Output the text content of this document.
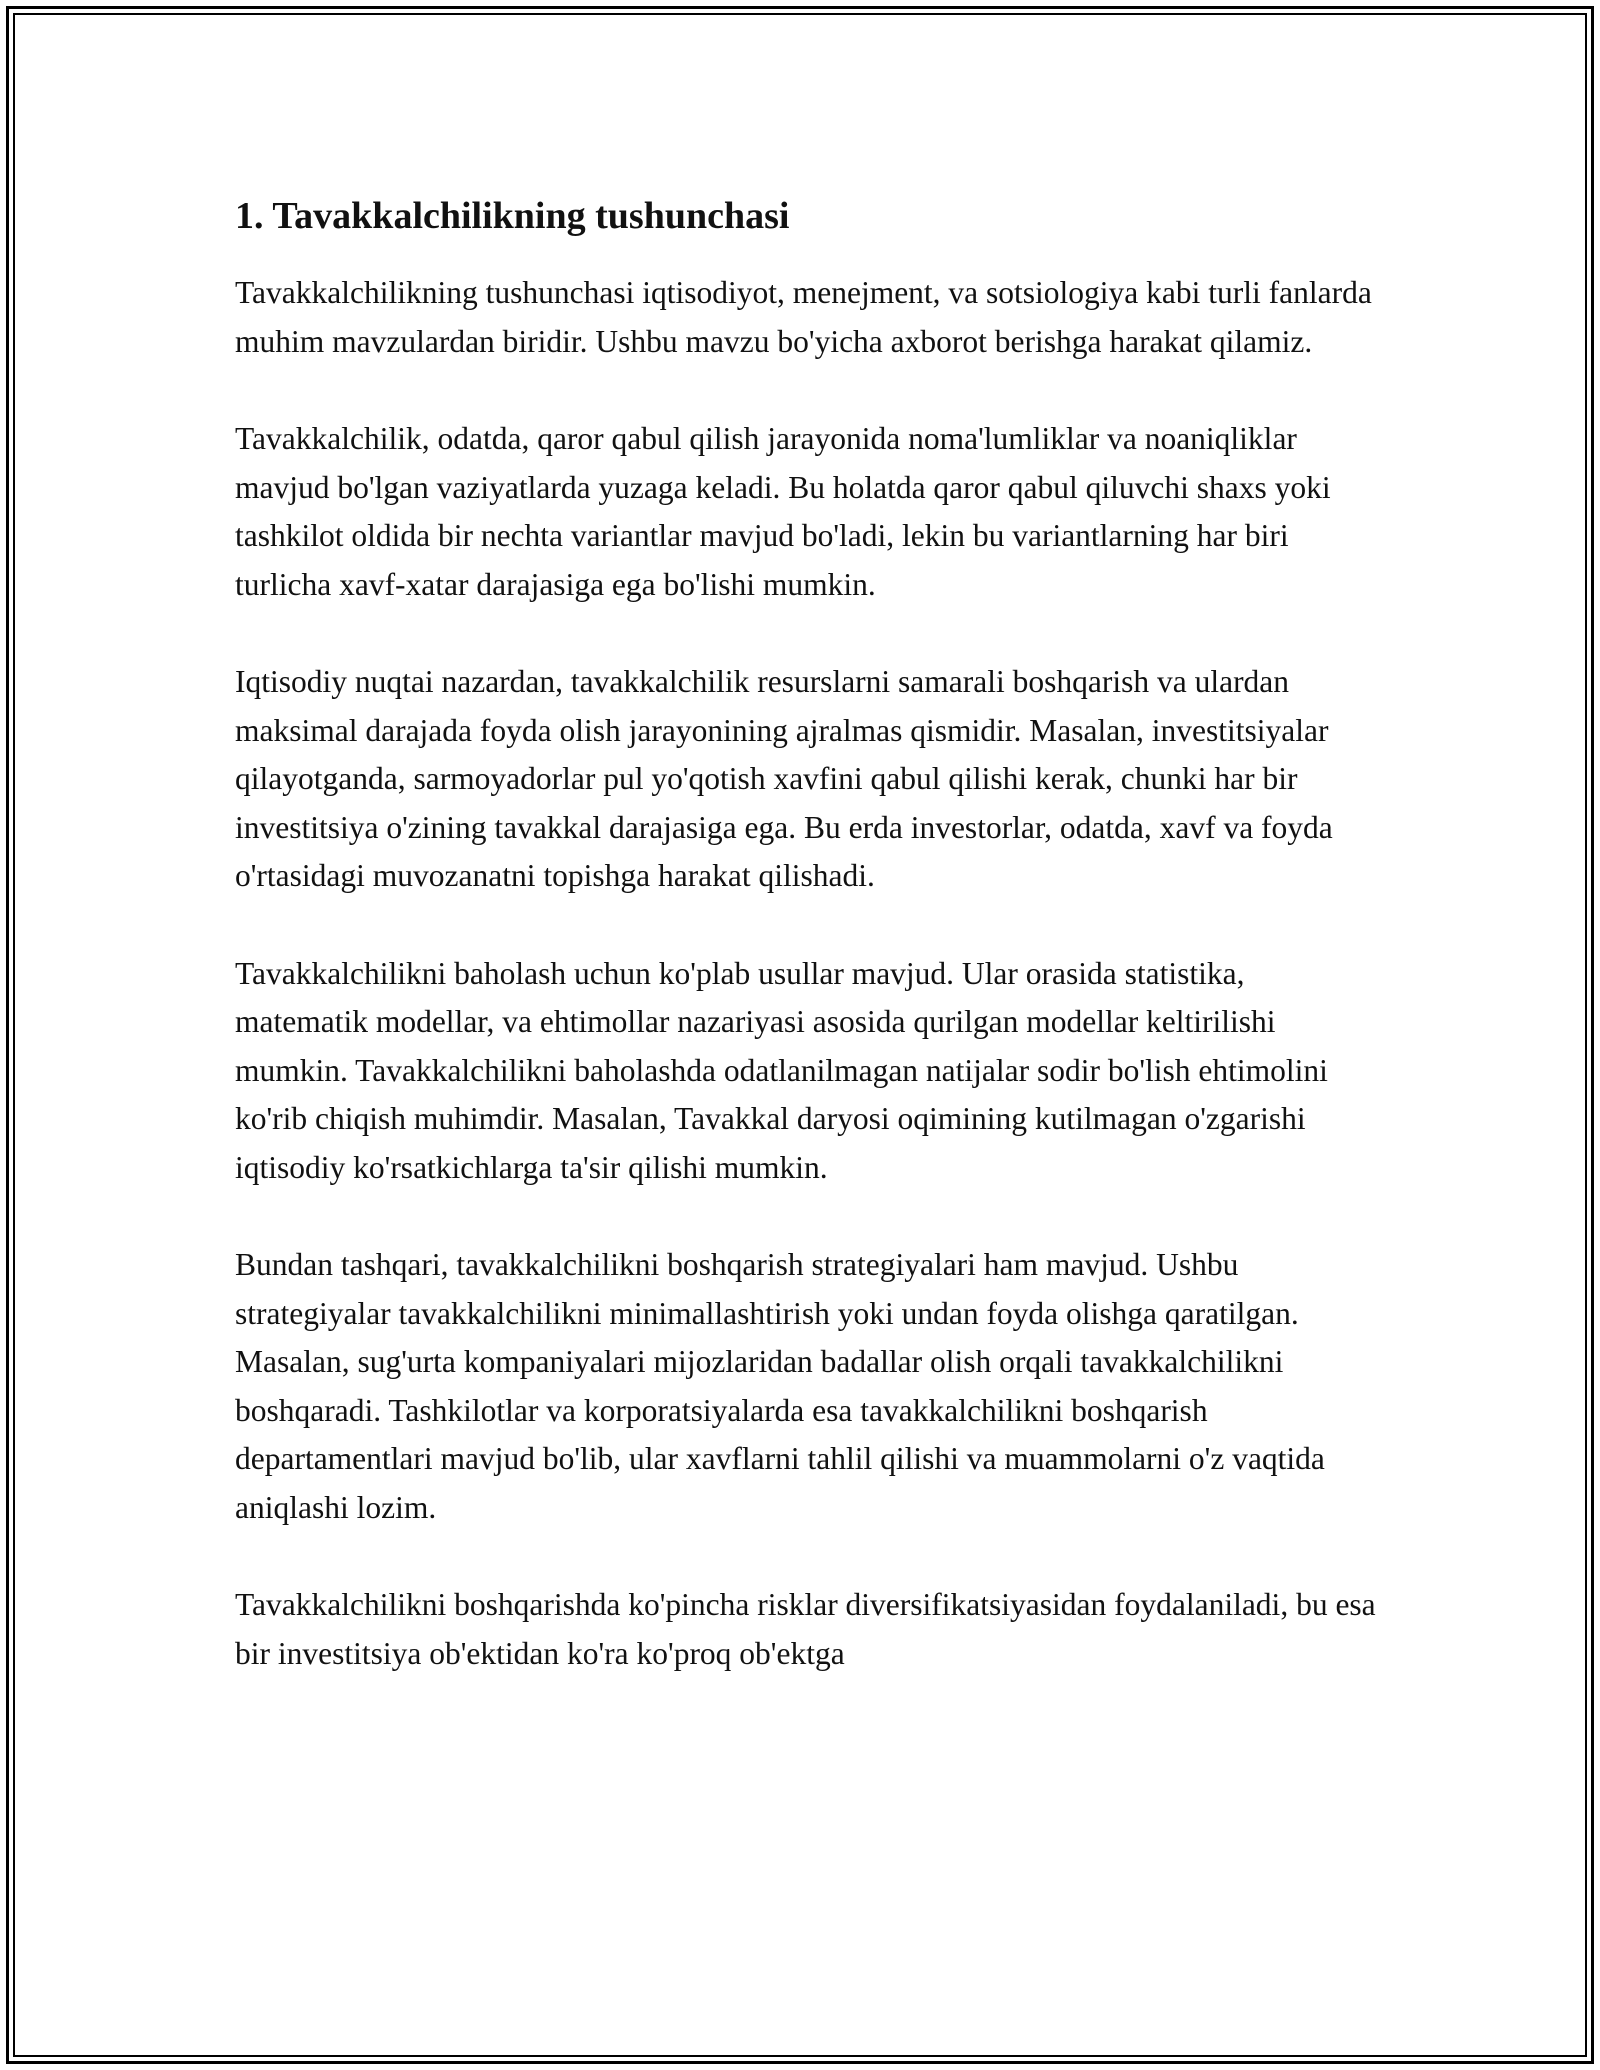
1. Tavakkalchilikning tushunchasi

Tavakkalchilikning tushunchasi iqtisodiyot, menejment, va sotsiologiya kabi turli fanlarda muhim mavzulardan biridir. Ushbu mavzu bo'yicha axborot berishga harakat qilamiz.

Tavakkalchilik, odatda, qaror qabul qilish jarayonida noma'lumliklar va noaniqliklar mavjud bo'lgan vaziyatlarda yuzaga keladi. Bu holatda qaror qabul qiluvchi shaxs yoki tashkilot oldida bir nechta variantlar mavjud bo'ladi, lekin bu variantlarning har biri turlicha xavf-xatar darajasiga ega bo'lishi mumkin.

Iqtisodiy nuqtai nazardan, tavakkalchilik resurslarni samarali boshqarish va ulardan maksimal darajada foyda olish jarayonining ajralmas qismidir. Masalan, investitsiyalar qilayotganda, sarmoyadorlar pul yo'qotish xavfini qabul qilishi kerak, chunki har bir investitsiya o'zining tavakkal darajasiga ega. Bu erda investorlar, odatda, xavf va foyda o'rtasidagi muvozanatni topishga harakat qilishadi.

Tavakkalchilikni baholash uchun ko'plab usullar mavjud. Ular orasida statistika, matematik modellar, va ehtimollar nazariyasi asosida qurilgan modellar keltirilishi mumkin. Tavakkalchilikni baholashda odatlanilmagan natijalar sodir bo'lish ehtimolini ko'rib chiqish muhimdir. Masalan, Tavakkal daryosi oqimining kutilmagan o'zgarishi iqtisodiy ko'rsatkichlarga ta'sir qilishi mumkin.

Bundan tashqari, tavakkalchilikni boshqarish strategiyalari ham mavjud. Ushbu strategiyalar tavakkalchilikni minimallashtirish yoki undan foyda olishga qaratilgan. Masalan, sug'urta kompaniyalari mijozlaridan badallar olish orqali tavakkalchilikni boshqaradi. Tashkilotlar va korporatsiyalarda esa tavakkalchilikni boshqarish departamentlari mavjud bo'lib, ular xavflarni tahlil qilishi va muammolarni o'z vaqtida aniqlashi lozim.

Tavakkalchilikni boshqarishda ko'pincha risklar diversifikatsiyasidan foydalaniladi, bu esa bir investitsiya ob'ektidan ko'ra ko'proq ob'ektga
